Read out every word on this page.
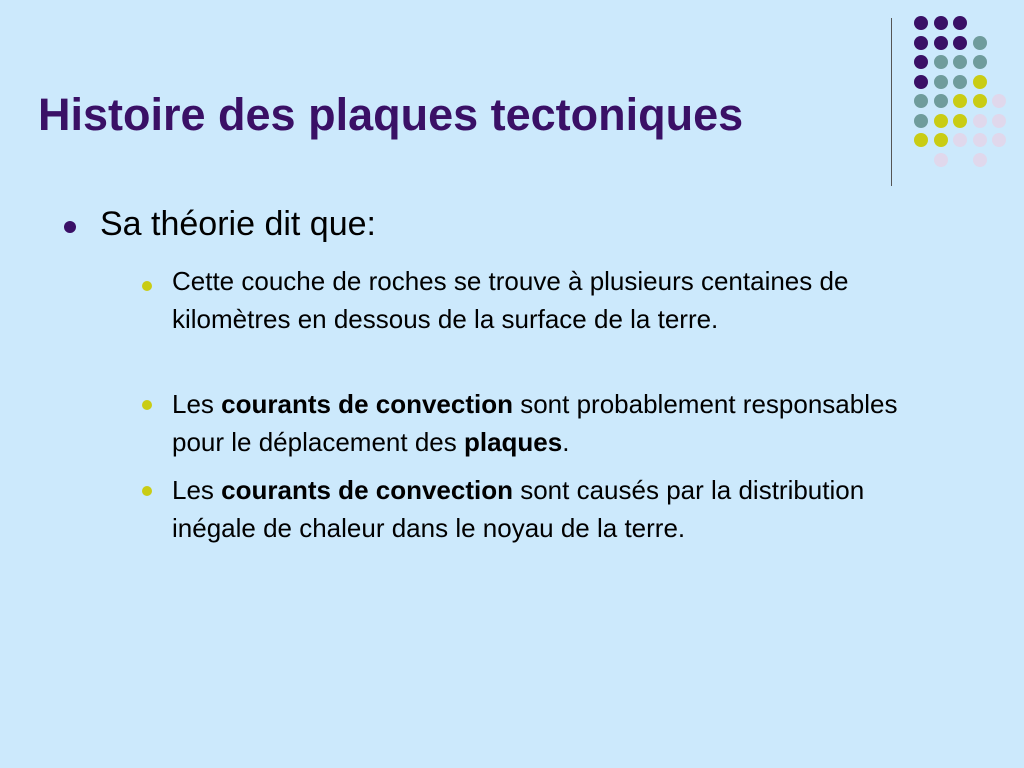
Histoire des plaques tectoniques

Sa théorie dit que:

Cette couche de roches se trouve à plusieurs centaines de kilomètres en dessous de la surface de la terre.

Les courants de convection sont probablement responsables pour le déplacement des plaques.

Les courants de convection sont causés par la distribution inégale de chaleur dans le noyau de la terre.
